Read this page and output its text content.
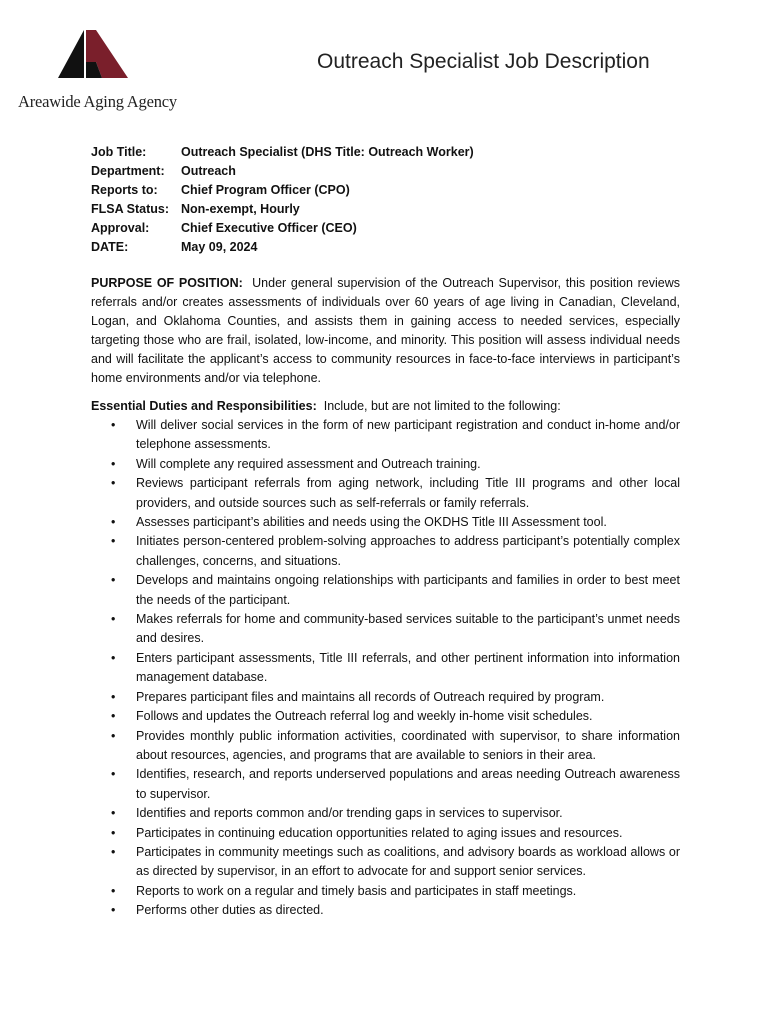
Areawide Aging Agency
Outreach Specialist Job Description
Job Title:	Outreach Specialist (DHS Title: Outreach Worker)
Department: Outreach
Reports to: Chief Program Officer (CPO)
FLSA Status: Non-exempt, Hourly
Approval:	Chief Executive Officer (CEO)
DATE:	May 09, 2024

PURPOSE OF POSITION: Under general supervision of the Outreach Supervisor, this position reviews referrals and/or creates assessments of individuals over 60 years of age living in Canadian, Cleveland, Logan, and Oklahoma Counties, and assists them in gaining access to needed services, especially targeting those who are frail, isolated, low-income, and minority. This position will assess individual needs and will facilitate the applicant’s access to community resources in face-to-face interviews in participant’s home environments and/or via telephone.

Essential Duties and Responsibilities: Include, but are not limited to the following:
• Will deliver social services in the form of new participant registration and conduct in-home and/or telephone assessments.
• Will complete any required assessment and Outreach training.
• Reviews participant referrals from aging network, including Title III programs and other local providers, and outside sources such as self-referrals or family referrals.
• Assesses participant’s abilities and needs using the OKDHS Title III Assessment tool.
• Initiates person-centered problem-solving approaches to address participant’s potentially complex challenges, concerns, and situations.
• Develops and maintains ongoing relationships with participants and families in order to best meet the needs of the participant.
• Makes referrals for home and community-based services suitable to the participant’s unmet needs and desires.
• Enters participant assessments, Title III referrals, and other pertinent information into information management database.
• Prepares participant files and maintains all records of Outreach required by program.
• Follows and updates the Outreach referral log and weekly in-home visit schedules.
• Provides monthly public information activities, coordinated with supervisor, to share information about resources, agencies, and programs that are available to seniors in their area.
• Identifies, research, and reports underserved populations and areas needing Outreach awareness to supervisor.
• Identifies and reports common and/or trending gaps in services to supervisor.
• Participates in continuing education opportunities related to aging issues and resources.
• Participates in community meetings such as coalitions, and advisory boards as workload allows or as directed by supervisor, in an effort to advocate for and support senior services.
• Reports to work on a regular and timely basis and participates in staff meetings.
• Performs other duties as directed.
